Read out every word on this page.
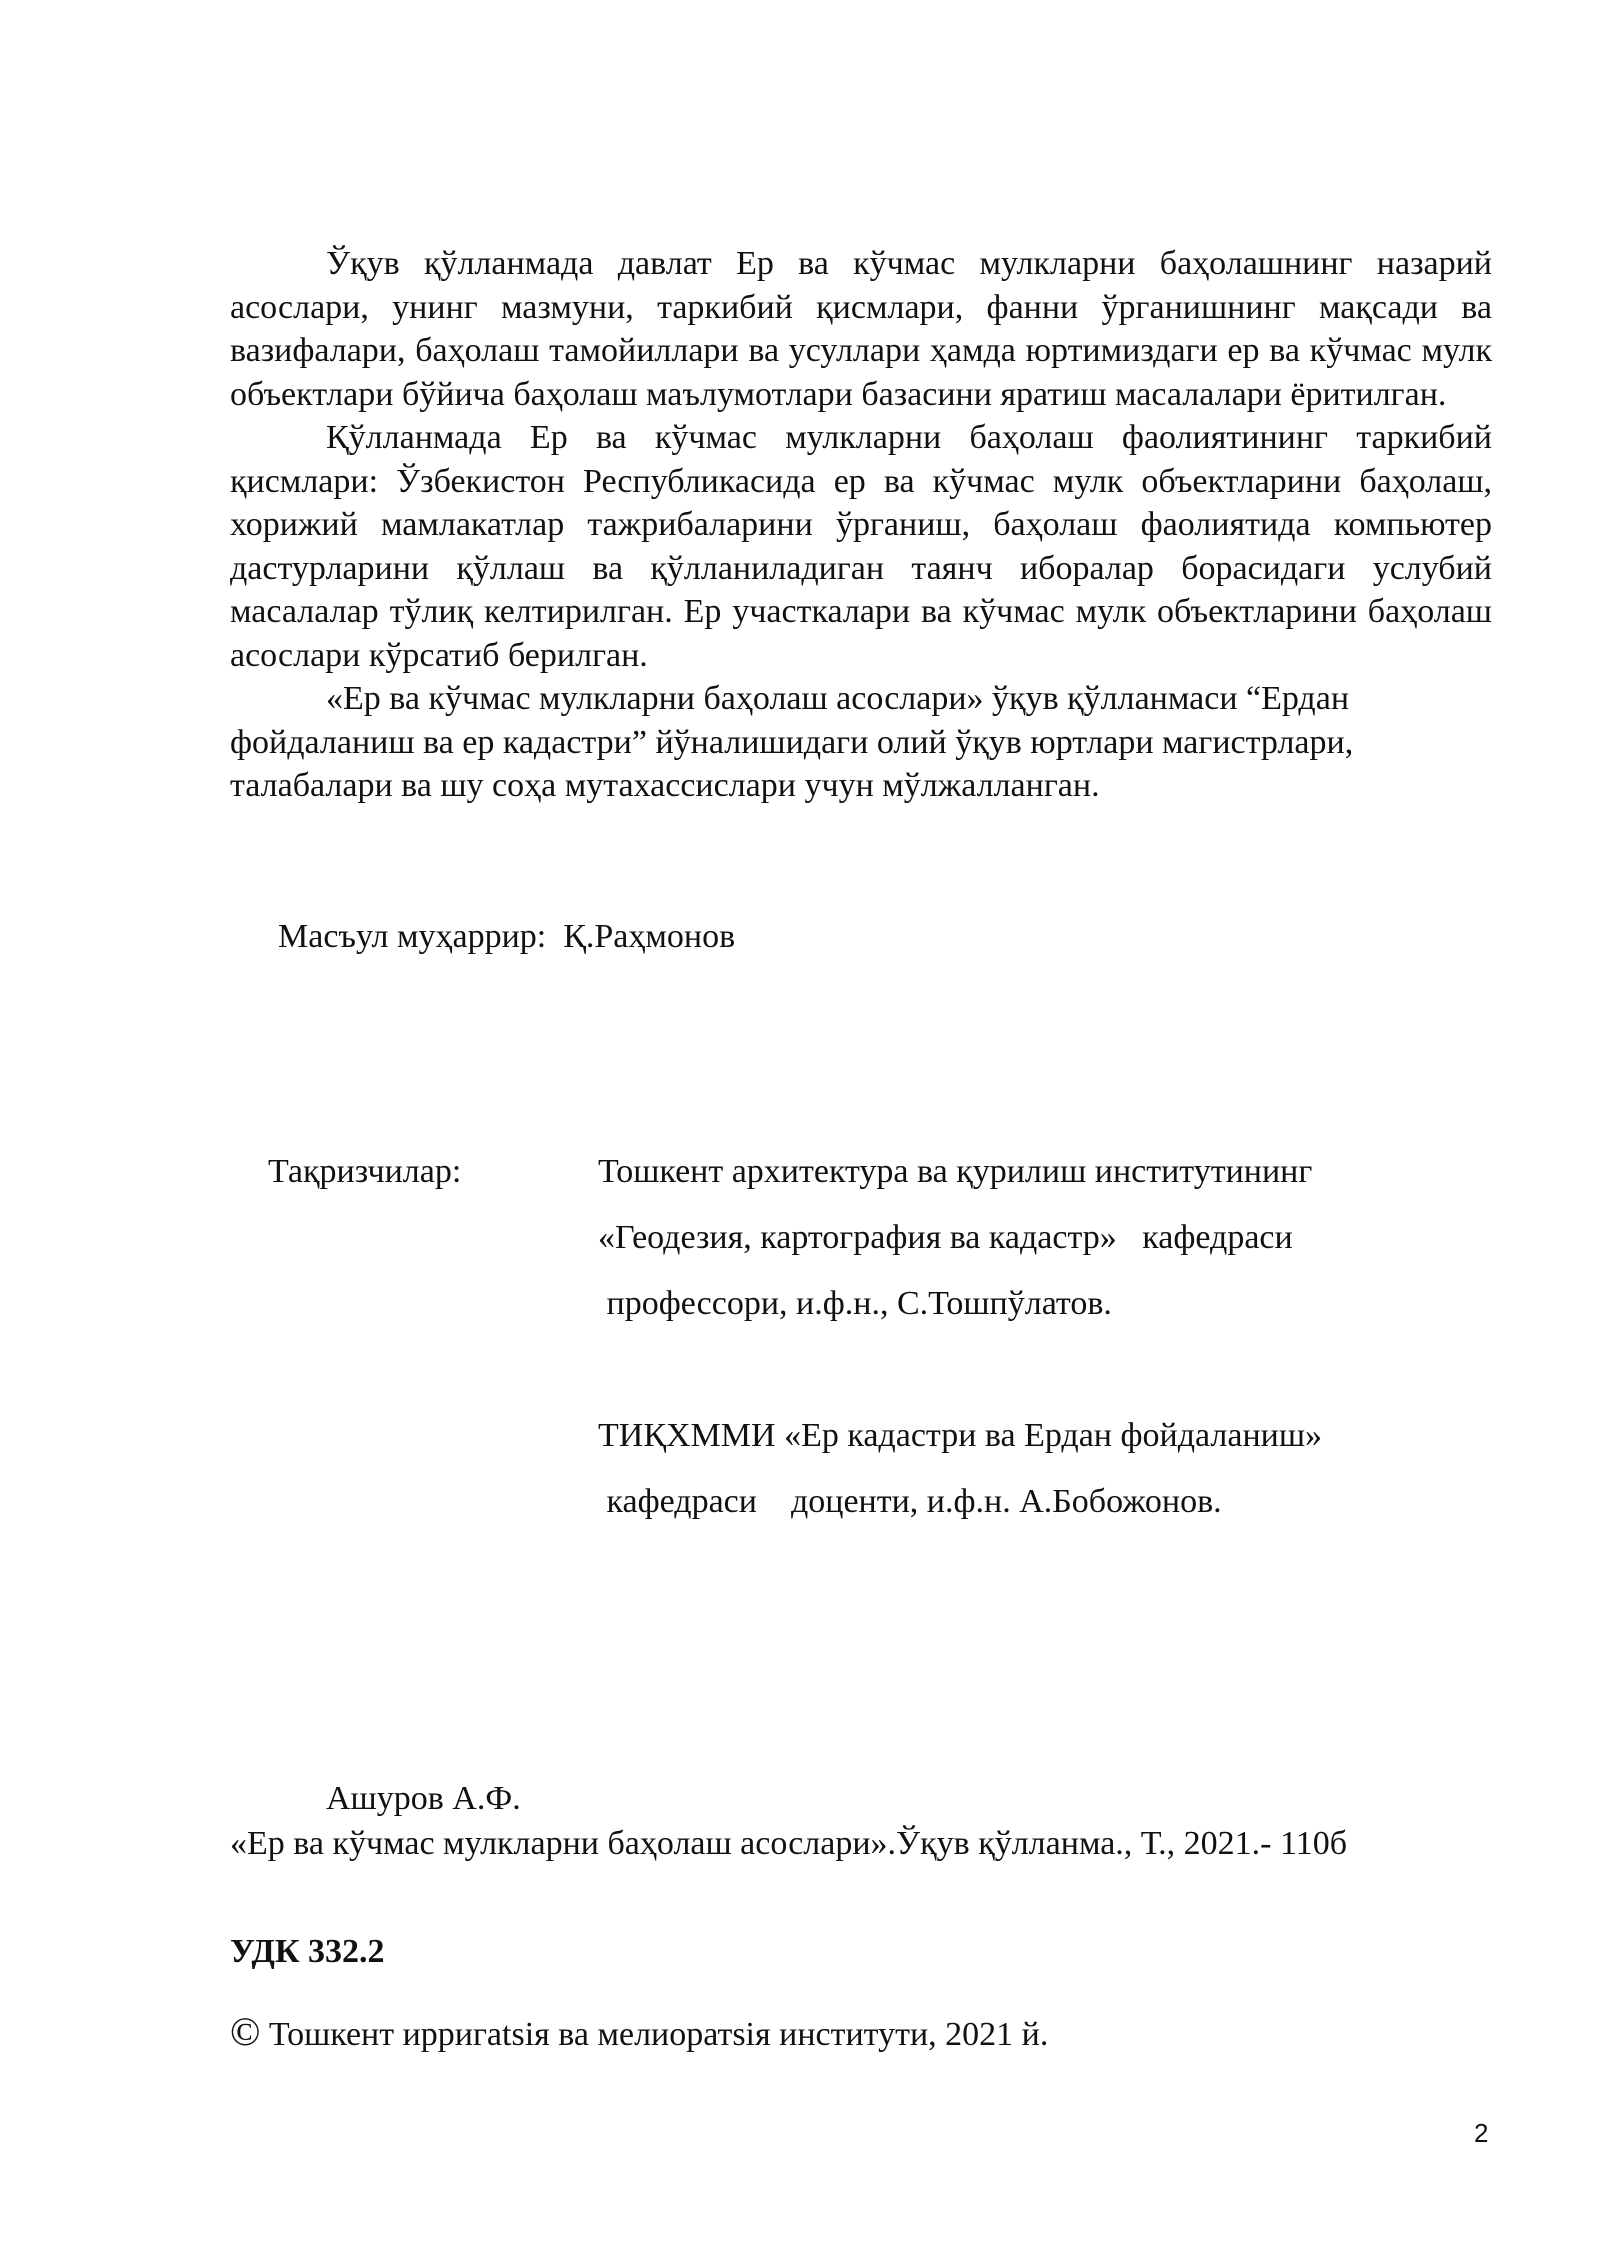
Ўқув қўлланмада давлат Ер ва кўчмас мулкларни баҳолашнинг назарий асослари, унинг мазмуни, таркибий қисмлари, фанни ўрганишнинг мақсади ва вазифалари, баҳолаш тамойиллари ва усуллари ҳамда юртимиздаги ер ва кўчмас мулк объектлари бўйича баҳолаш маълумотлари базасини яратиш масалалари ёритилган.

Қўлланмада Ер ва кўчмас мулкларни баҳолаш фаолиятининг таркибий қисмлари: Ўзбекистон Республикасида ер ва кўчмас мулк объектларини баҳолаш, хорижий мамлакатлар тажрибаларини ўрганиш, баҳолаш фаолиятида компьютер дастурларини қўллаш ва қўлланиладиган таянч иборалар борасидаги услубий масалалар тўлиқ келтирилган. Ер участкалари ва кўчмас мулк объектларини баҳолаш асослари кўрсатиб берилган.

«Ер ва кўчмас мулкларни баҳолаш асослари» ўқув қўлланмаси “Ердан фойдаланиш ва ер кадастри” йўналишидаги олий ўқув юртлари магистрлари, талабалари ва шу соҳа мутахассислари учун мўлжалланган.

Масъул муҳаррир:  Қ.Раҳмонов
Тақризчилар:	Тошкент архитектура ва қурилиш институтининг
«Геодезия, картография ва кадастр»   кафедраси
профессори, и.ф.н., С.Тошпўлатов.
ТИҚХММИ «Ер кадастри ва Ердан фойдаланиш»
кафедраси    доценти, и.ф.н. А.Бобожонов.
Ашуров А.Ф.
«Ер ва кўчмас мулкларни баҳолаш асослари».Ўқув қўлланма., Т., 2021.- 110б
УДК 332.2
© Тошкент ирригatsiя ва мелиоратsiя институти, 2021 й.
2
